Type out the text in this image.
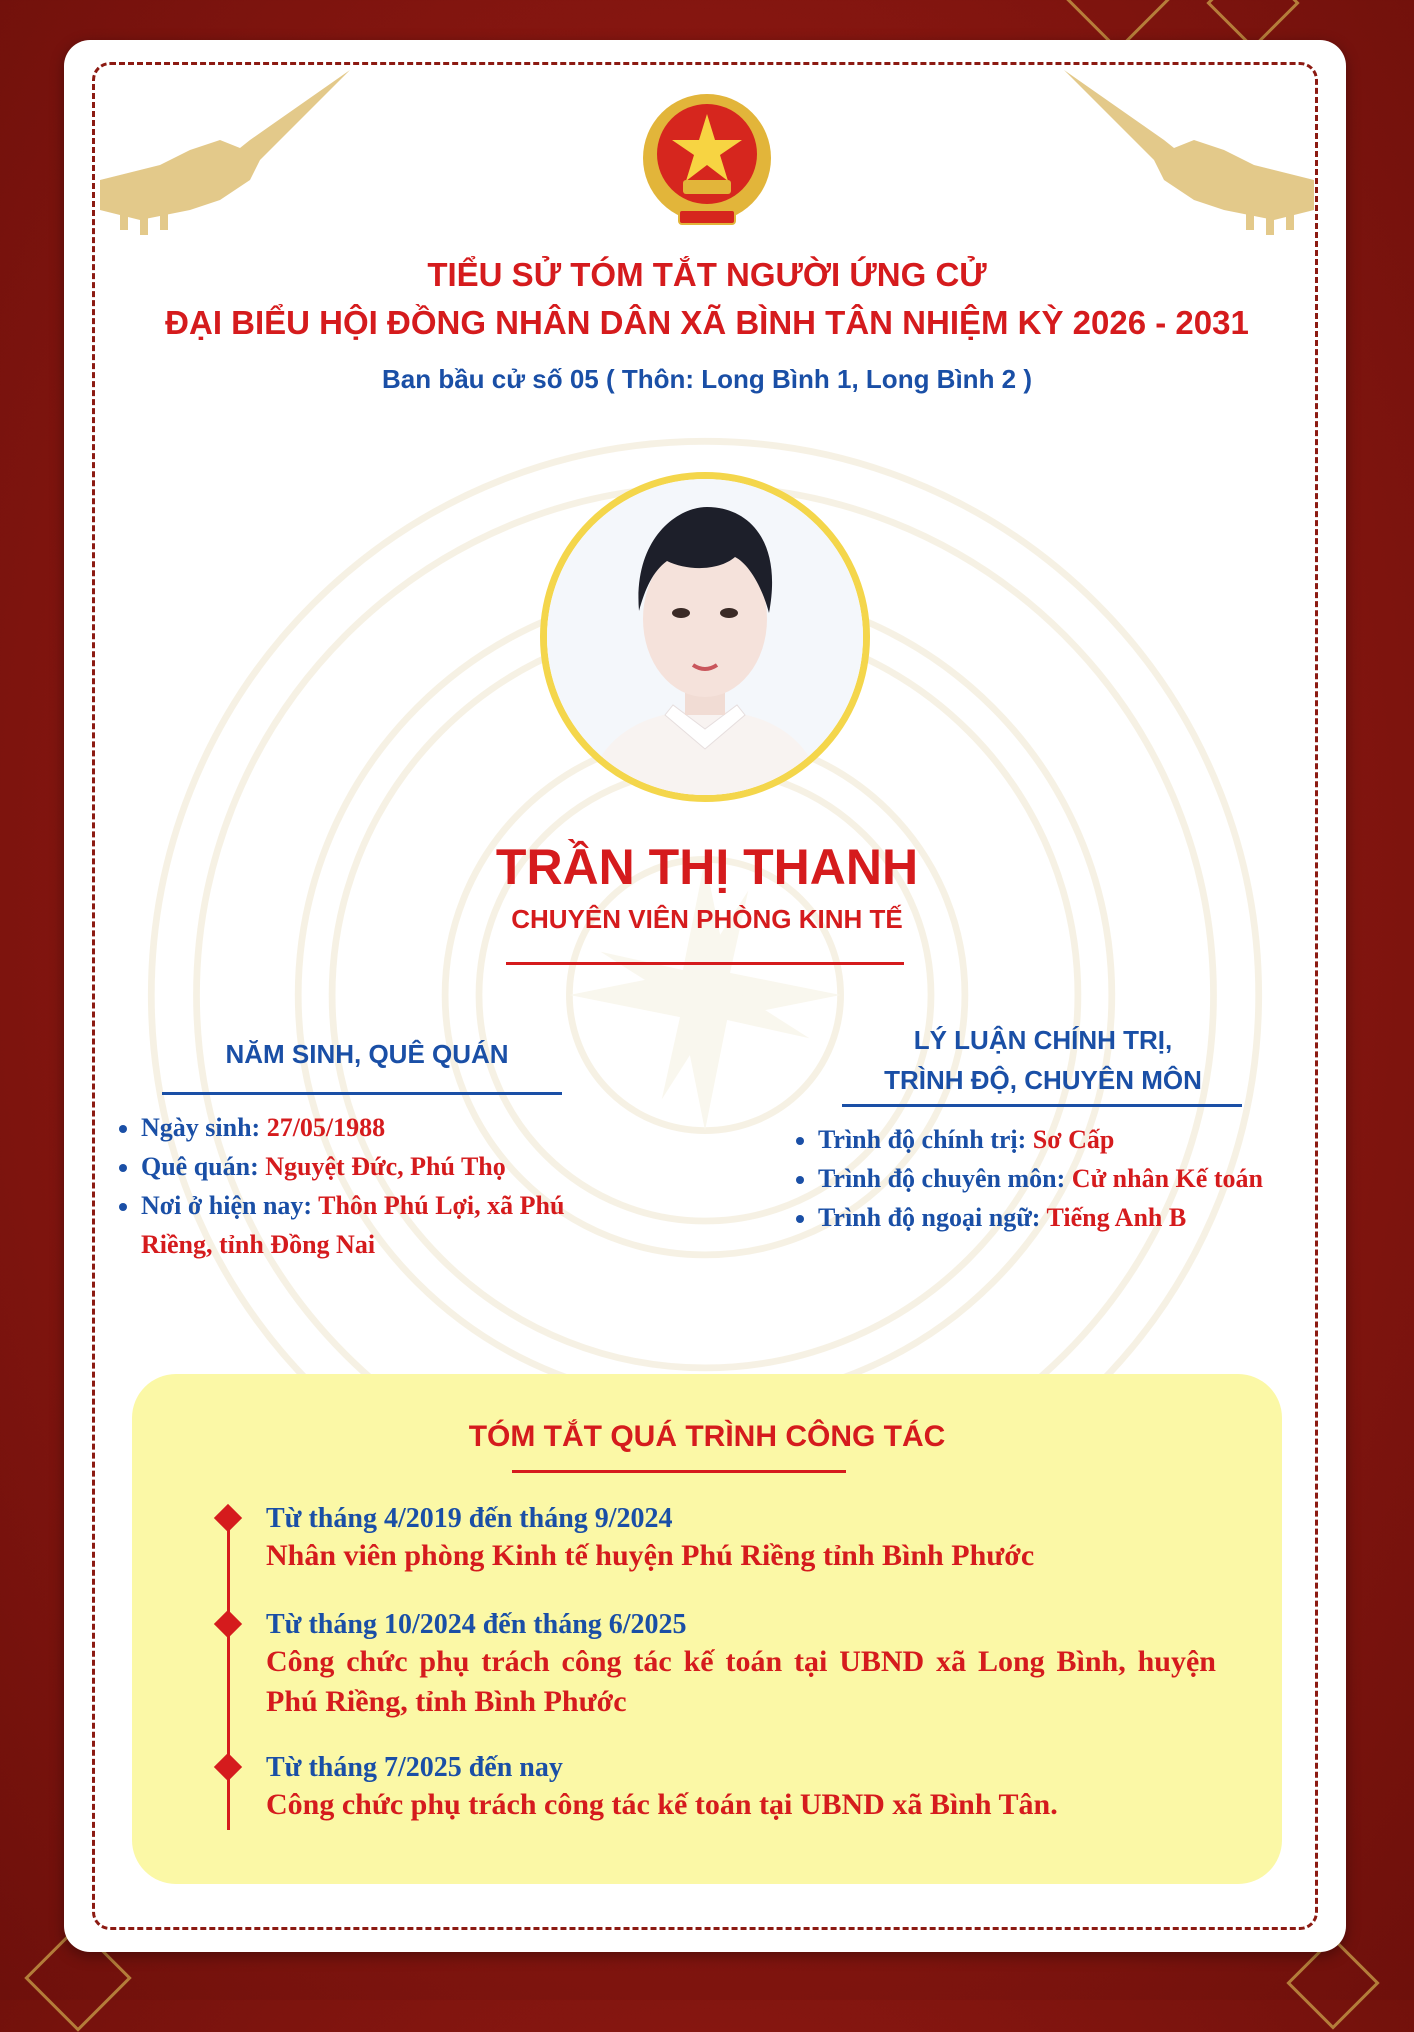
TIỂU SỬ TÓM TẮT NGƯỜI ỨNG CỬ
ĐẠI BIỂU HỘI ĐỒNG NHÂN DÂN XÃ BÌNH TÂN NHIỆM KỲ 2026 - 2031
Ban bầu cử số 05 ( Thôn: Long Bình 1, Long Bình 2 )
TRẦN THỊ THANH
CHUYÊN VIÊN PHÒNG KINH TẾ
NĂM SINH, QUÊ QUÁN
• Ngày sinh: 27/05/1988
• Quê quán: Nguyệt Đức, Phú Thọ
• Nơi ở hiện nay: Thôn Phú Lợi, xã Phú Riềng, tỉnh Đồng Nai
LÝ LUẬN CHÍNH TRỊ,
TRÌNH ĐỘ, CHUYÊN MÔN
• Trình độ chính trị: Sơ Cấp
• Trình độ chuyên môn: Cử nhân Kế toán
• Trình độ ngoại ngữ: Tiếng Anh B
TÓM TẮT QUÁ TRÌNH CÔNG TÁC
Từ tháng 4/2019 đến tháng 9/2024
Nhân viên phòng Kinh tế huyện Phú Riềng tỉnh Bình Phước
Từ tháng 10/2024 đến tháng 6/2025
Công chức phụ trách công tác kế toán tại UBND xã Long Bình, huyện Phú Riềng, tỉnh Bình Phước
Từ tháng 7/2025 đến nay
Công chức phụ trách công tác kế toán tại UBND xã Bình Tân.
